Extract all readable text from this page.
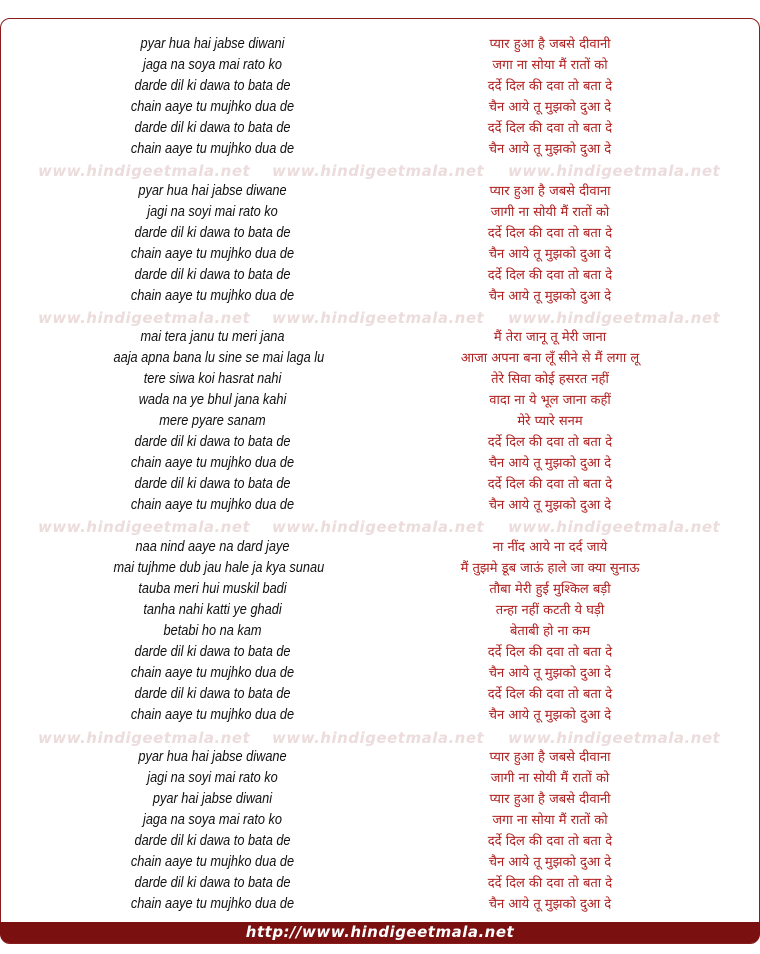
pyar hua hai jabse diwani	प्यार हुआ है जबसे दीवानी
jaga na soya mai rato ko	जगा ना सोया मैं रातों को
darde dil ki dawa to bata de	दर्दे दिल की दवा तो बता दे
chain aaye tu mujhko dua de	चैन आये तू मुझको दुआ दे
darde dil ki dawa to bata de	दर्दे दिल की दवा तो बता दे
chain aaye tu mujhko dua de	चैन आये तू मुझको दुआ दे
pyar hua hai jabse diwane	प्यार हुआ है जबसे दीवाना
jagi na soyi mai rato ko	जागी ना सोयी मैं रातों को
darde dil ki dawa to bata de	दर्दे दिल की दवा तो बता दे
chain aaye tu mujhko dua de	चैन आये तू मुझको दुआ दे
darde dil ki dawa to bata de	दर्दे दिल की दवा तो बता दे
chain aaye tu mujhko dua de	चैन आये तू मुझको दुआ दे
mai tera janu tu meri jana	मैं तेरा जानू तू मेरी जाना
aaja apna bana lu sine se mai laga lu	आजा अपना बना लूँ सीने से मैं लगा लू
tere siwa koi hasrat nahi	तेरे सिवा कोई हसरत नहीं
wada na ye bhul jana kahi	वादा ना ये भूल जाना कहीं
mere pyare sanam	मेरे प्यारे सनम
darde dil ki dawa to bata de	दर्दे दिल की दवा तो बता दे
chain aaye tu mujhko dua de	चैन आये तू मुझको दुआ दे
darde dil ki dawa to bata de	दर्दे दिल की दवा तो बता दे
chain aaye tu mujhko dua de	चैन आये तू मुझको दुआ दे
naa nind aaye na dard jaye	ना नींद आये ना दर्द जाये
mai tujhme dub jau hale ja kya sunau	मैं तुझमे डूब जाऊं हाले जा क्या सुनाऊ
tauba meri hui muskil badi	तौबा मेरी हुई मुश्किल बड़ी
tanha nahi katti ye ghadi	तन्हा नहीं कटती ये घड़ी
betabi ho na kam	बेताबी हो ना कम
darde dil ki dawa to bata de	दर्दे दिल की दवा तो बता दे
chain aaye tu mujhko dua de	चैन आये तू मुझको दुआ दे
darde dil ki dawa to bata de	दर्दे दिल की दवा तो बता दे
chain aaye tu mujhko dua de	चैन आये तू मुझको दुआ दे
pyar hua hai jabse diwane	प्यार हुआ है जबसे दीवाना
jagi na soyi mai rato ko	जागी ना सोयी मैं रातों को
pyar hai jabse diwani	प्यार हुआ है जबसे दीवानी
jaga na soya mai rato ko	जगा ना सोया मैं रातों को
darde dil ki dawa to bata de	दर्दे दिल की दवा तो बता दे
chain aaye tu mujhko dua de	चैन आये तू मुझको दुआ दे
darde dil ki dawa to bata de	दर्दे दिल की दवा तो बता दे
chain aaye tu mujhko dua de	चैन आये तू मुझको दुआ दे
www.hindigeetmala.net www.hindigeetmala.net www.hindigeetmala.net
www.hindigeetmala.net www.hindigeetmala.net www.hindigeetmala.net
www.hindigeetmala.net www.hindigeetmala.net www.hindigeetmala.net
www.hindigeetmala.net www.hindigeetmala.net www.hindigeetmala.net
http://www.hindigeetmala.net
